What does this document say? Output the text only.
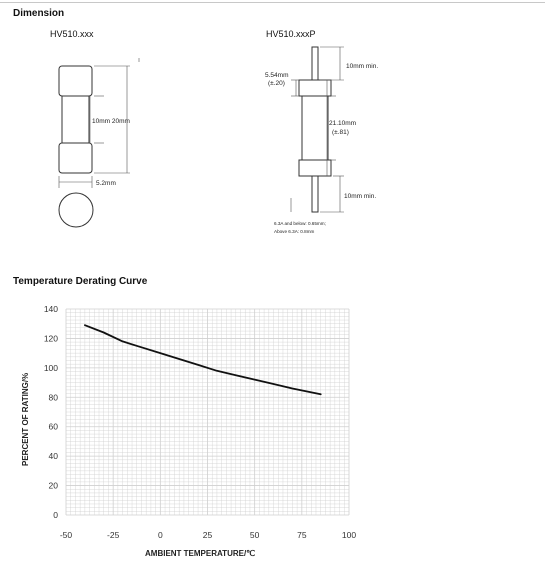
Dimension
HV510.xxx	HV510.xxxP
10mm 20mm
5.2mm
10mm min.
5.54mm
(±.20)
21.10mm
(±.81)
10mm min.
6.3A and below: 0.65mm;
Above 6.3A: 0.8mm
Temperature Derating Curve
0
20
40
60
80
100
120
140
-50	-25	0	25	50	75	100
AMBIENT TEMPERATURE/℃
PERCENT OF RATING/%
